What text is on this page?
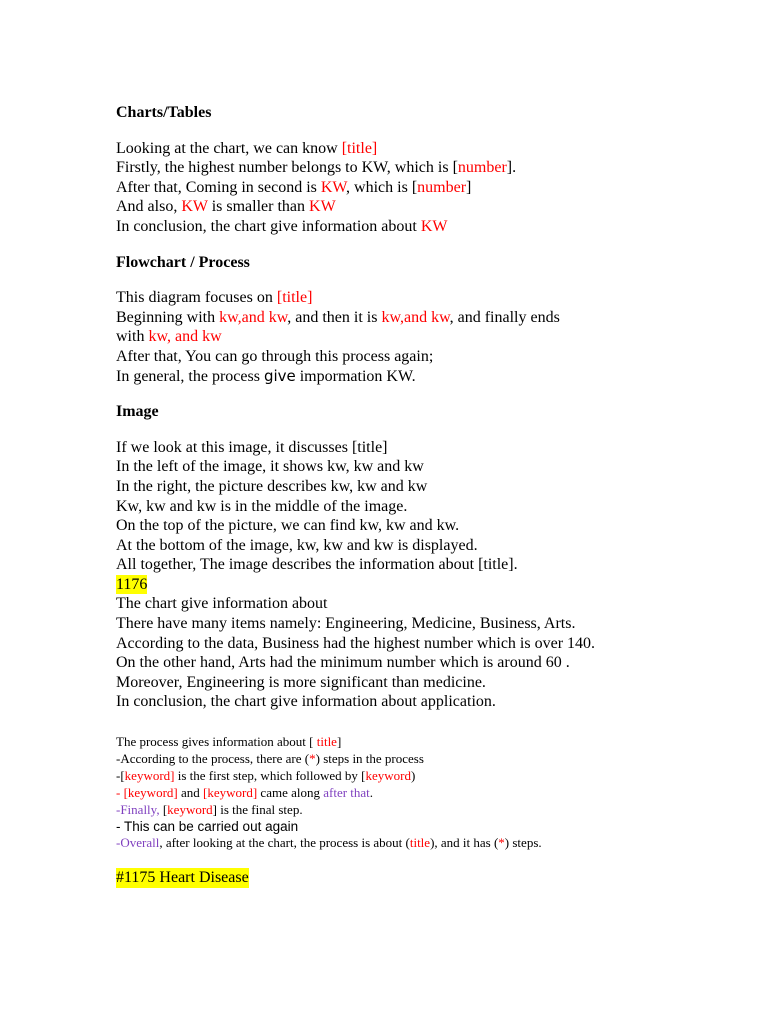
Charts/Tables
Looking at the chart, we can know [title]
Firstly, the highest number belongs to KW, which is [number].
After that, Coming in second is KW, which is [number]
And also, KW is smaller than KW
In conclusion, the chart give information about KW
Flowchart / Process
This diagram focuses on [title]
Beginning with kw,and kw, and then it is kw,and kw, and finally ends
with kw, and kw
After that, You can go through this process again;
In general, the process give impormation KW.
Image
If we look at this image, it discusses [title]
In the left of the image, it shows kw, kw and kw
In the right, the picture describes kw, kw and kw
Kw, kw and kw is in the middle of the image.
On the top of the picture, we can find kw, kw and kw.
At the bottom of the image, kw, kw and kw is displayed.
All together, The image describes the information about [title].
1176
The chart give information about
There have many items namely: Engineering, Medicine, Business, Arts.
According to the data, Business had the highest number which is over 140.
On the other hand, Arts had the minimum number which is around 60 .
Moreover, Engineering is more significant than medicine.
In conclusion, the chart give information about application.
The process gives information about [ title]
-According to the process, there are (*) steps in the process
-[keyword] is the first step, which followed by [keyword)
- [keyword] and [keyword] came along after that.
-Finally, [keyword] is the final step.
- This can be carried out again
-Overall, after looking at the chart, the process is about (title), and it has (*) steps.
#1175 Heart Disease
